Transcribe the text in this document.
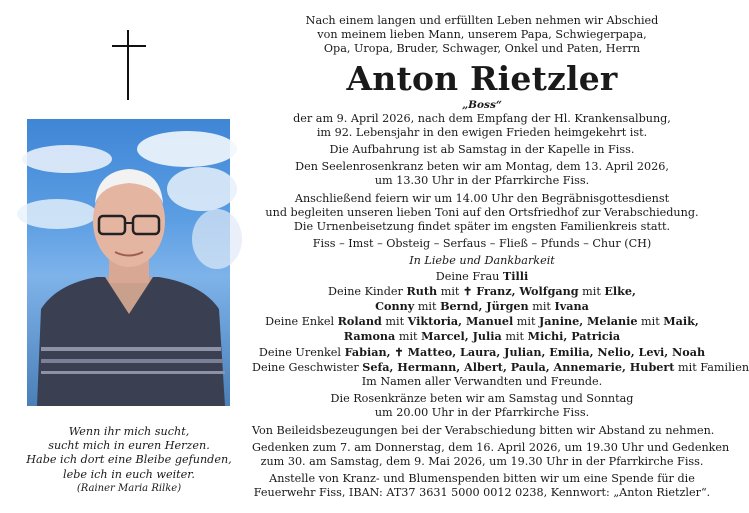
Wenn ihr mich sucht,
sucht mich in euren Herzen.
Habe ich dort eine Bleibe gefunden,
lebe ich in euch weiter.
(Rainer Maria Rilke)
Nach einem langen und erfüllten Leben nehmen wir Abschied
von meinem lieben Mann, unserem Papa, Schwiegerpapa,
Opa, Uropa, Bruder, Schwager, Onkel und Paten, Herrn
Anton Rietzler
„Boss“
der am 9. April 2026, nach dem Empfang der Hl. Krankensalbung,
im 92. Lebensjahr in den ewigen Frieden heimgekehrt ist.
Die Aufbahrung ist ab Samstag in der Kapelle in Fiss.
Den Seelenrosenkranz beten wir am Montag, dem 13. April 2026,
um 13.30 Uhr in der Pfarrkirche Fiss.
Anschließend feiern wir um 14.00 Uhr den Begräbnisgottesdienst
und begleiten unseren lieben Toni auf den Ortsfriedhof zur Verabschiedung.
Die Urnenbeisetzung findet später im engsten Familienkreis statt.
Fiss – Imst – Obsteig – Serfaus – Fließ – Pfunds – Chur (CH)
In Liebe und Dankbarkeit
Deine Frau Tilli
Deine Kinder Ruth mit ✝ Franz, Wolfgang mit Elke,
Conny mit Bernd, Jürgen mit Ivana
Deine Enkel Roland mit Viktoria, Manuel mit Janine, Melanie mit Maik,
Ramona mit Marcel, Julia mit Michi, Patricia
Deine Urenkel Fabian, ✝ Matteo, Laura, Julian, Emilia, Nelio, Levi, Noah
Deine Geschwister Sefa, Hermann, Albert, Paula, Annemarie, Hubert mit Familien
Im Namen aller Verwandten und Freunde.
Die Rosenkränze beten wir am Samstag und Sonntag
um 20.00 Uhr in der Pfarrkirche Fiss.
Von Beileidsbezeugungen bei der Verabschiedung bitten wir Abstand zu nehmen.
Gedenken zum 7. am Donnerstag, dem 16. April 2026, um 19.30 Uhr und Gedenken
zum 30. am Samstag, dem 9. Mai 2026, um 19.30 Uhr in der Pfarrkirche Fiss.
Anstelle von Kranz- und Blumenspenden bitten wir um eine Spende für die
Feuerwehr Fiss, IBAN: AT37 3631 5000 0012 0238, Kennwort: „Anton Rietzler“.
